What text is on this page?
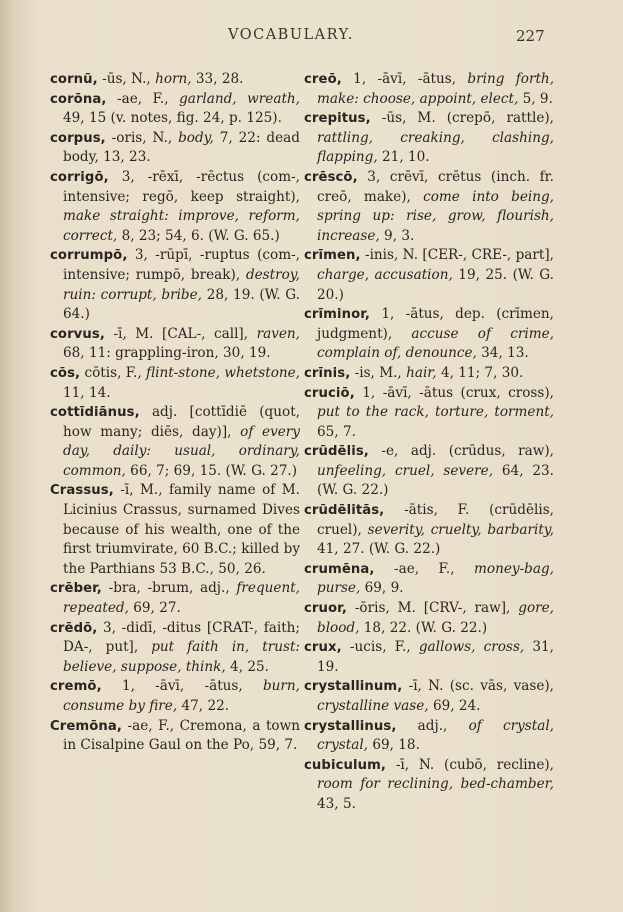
VOCABULARY.	227

cornū, -ūs, N., horn, 33, 28.

corōna, -ae, F., garland, wreath, 49, 15 (v. notes, fig. 24, p. 125).

corpus, -oris, N., body, 7, 22: dead body, 13, 23.

corrigō, 3, -rēxī, -rēctus (com-, intensive; regō, keep straight), make straight: improve, reform, correct, 8, 23; 54, 6. (W. G. 65.)

corrumpō, 3, -rūpī, -ruptus (com-, intensive; rumpō, break), destroy, ruin: corrupt, bribe, 28, 19. (W. G. 64.)

corvus, -ī, M. [CAL-, call], raven, 68, 11: grappling-iron, 30, 19.

cōs, cōtis, F., flint-stone, whetstone, 11, 14.

cottīdiānus, adj. [cottīdiē (quot, how many; diēs, day)], of every day, daily: usual, ordinary, common, 66, 7; 69, 15. (W. G. 27.)

Crassus, -ī, M., family name of M. Licinius Crassus, surnamed Dives because of his wealth, one of the first triumvirate, 60 B.C.; killed by the Parthians 53 B.C., 50, 26.

crēber, -bra, -brum, adj., frequent, repeated, 69, 27.

crēdō, 3, -didī, -ditus [CRAT-, faith; DA-, put], put faith in, trust: believe, suppose, think, 4, 25.

cremō, 1, -āvī, -ātus, burn, consume by fire, 47, 22.

Cremōna, -ae, F., Cremona, a town in Cisalpine Gaul on the Po, 59, 7.

creō, 1, -āvī, -ātus, bring forth, make: choose, appoint, elect, 5, 9.

crepitus, -ūs, M. (crepō, rattle), rattling, creaking, clashing, flapping, 21, 10.

crēscō, 3, crēvī, crētus (inch. fr. creō, make), come into being, spring up: rise, grow, flourish, increase, 9, 3.

crīmen, -inis, N. [CER-, CRE-, part], charge, accusation, 19, 25. (W. G. 20.)

crīminor, 1, -ātus, dep. (crīmen, judgment), accuse of crime, complain of, denounce, 34, 13.

crīnis, -is, M., hair, 4, 11; 7, 30.

cruciō, 1, -āvī, -ātus (crux, cross), put to the rack, torture, torment, 65, 7.

crūdēlis, -e, adj. (crūdus, raw), unfeeling, cruel, severe, 64, 23. (W. G. 22.)

crūdēlitās, -ātis, F. (crūdēlis, cruel), severity, cruelty, barbarity, 41, 27. (W. G. 22.)

crumēna, -ae, F., money-bag, purse, 69, 9.

cruor, -ōris, M. [CRV-, raw], gore, blood, 18, 22. (W. G. 22.)

crux, -ucis, F., gallows, cross, 31, 19.

crystallinum, -ī, N. (sc. vās, vase), crystalline vase, 69, 24.

crystallinus, adj., of crystal, crystal, 69, 18.

cubiculum, -ī, N. (cubō, recline), room for reclining, bed-chamber, 43, 5.
